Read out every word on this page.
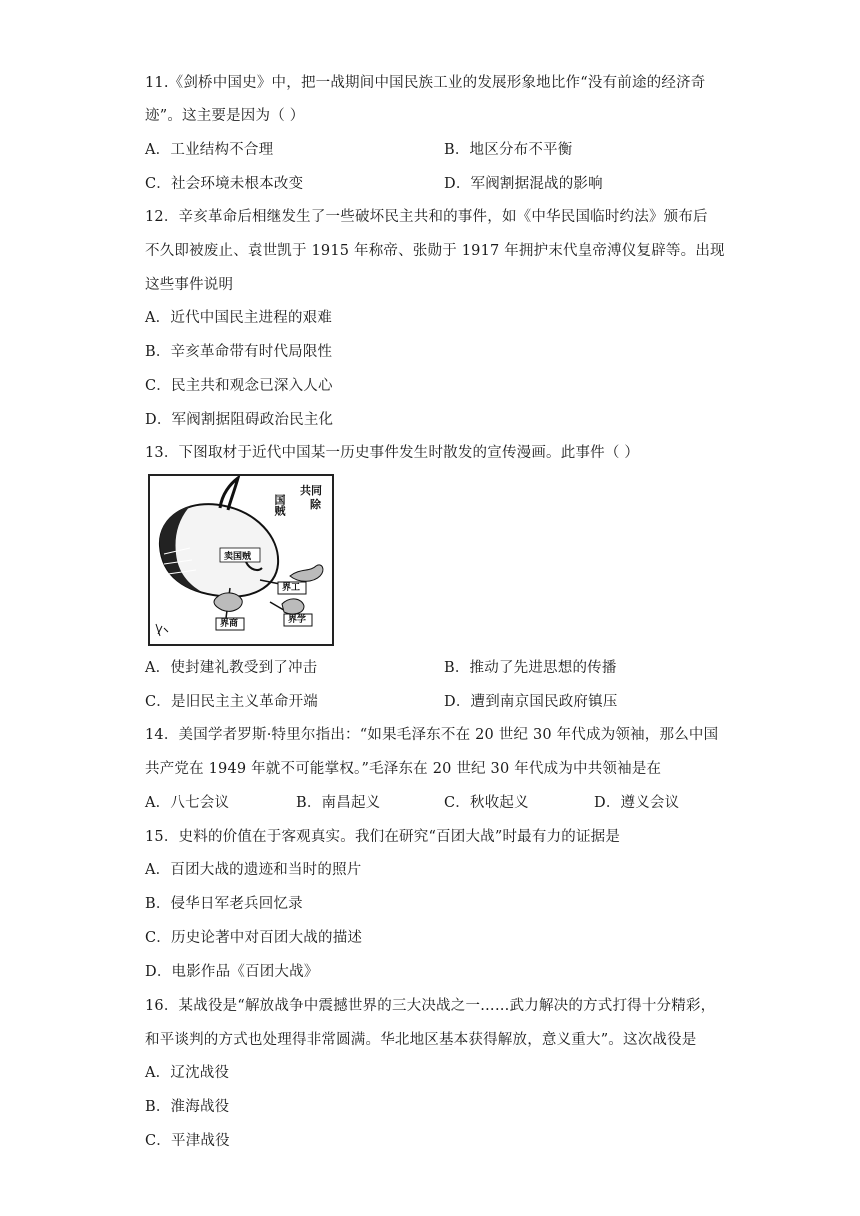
11.《剑桥中国史》中，把一战期间中国民族工业的发展形象地比作“没有前途的经济奇
迹”。这主要是因为（ ）
A．工业结构不合理	B．地区分布不平衡
C．社会环境未根本改变	D．军阀割据混战的影响
12．辛亥革命后相继发生了一些破坏民主共和的事件，如《中华民国临时约法》颁布后
不久即被废止、袁世凯于 1915 年称帝、张勋于 1917 年拥护末代皇帝溥仪复辟等。出现
这些事件说明
A．近代中国民主进程的艰难
B．辛亥革命带有时代局限性
C．民主共和观念已深入人心
D．军阀割据阻碍政治民主化
13．下图取材于近代中国某一历史事件发生时散发的宣传漫画。此事件（ ）
共同
除
国贼
卖国贼
界工
界商	界学
A．使封建礼教受到了冲击	B．推动了先进思想的传播
C．是旧民主主义革命开端	D．遭到南京国民政府镇压
14．美国学者罗斯·特里尔指出：“如果毛泽东不在 20 世纪 30 年代成为领袖，那么中国
共产党在 1949 年就不可能掌权。”毛泽东在 20 世纪 30 年代成为中共领袖是在
A．八七会议	B．南昌起义	C．秋收起义	D．遵义会议
15．史料的价值在于客观真实。我们在研究“百团大战”时最有力的证据是
A．百团大战的遗迹和当时的照片
B．侵华日军老兵回忆录
C．历史论著中对百团大战的描述
D．电影作品《百团大战》
16．某战役是“解放战争中震撼世界的三大决战之一……武力解决的方式打得十分精彩，
和平谈判的方式也处理得非常圆满。华北地区基本获得解放，意义重大”。这次战役是
A．辽沈战役
B．淮海战役
C．平津战役
